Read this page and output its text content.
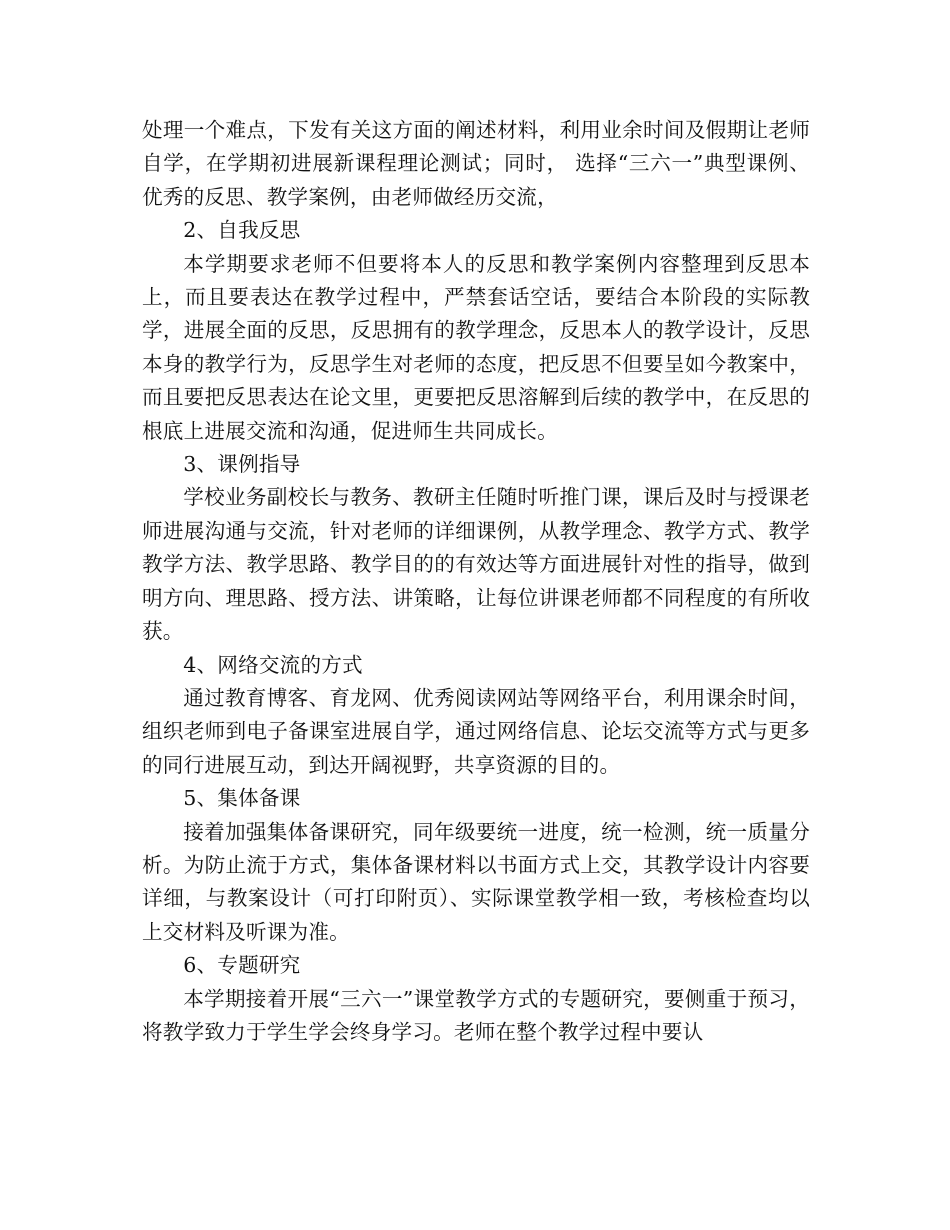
处理一个难点，下发有关这方面的阐述材料，利用业余时间及假期让老师自学，在学期初进展新课程理论测试；同时， 选择“三六一”典型课例、优秀的反思、教学案例，由老师做经历交流，

2、自我反思

本学期要求老师不但要将本人的反思和教学案例内容整理到反思本上，而且要表达在教学过程中，严禁套话空话，要结合本阶段的实际教学，进展全面的反思，反思拥有的教学理念，反思本人的教学设计，反思本身的教学行为，反思学生对老师的态度，把反思不但要呈如今教案中，而且要把反思表达在论文里，更要把反思溶解到后续的教学中，在反思的根底上进展交流和沟通，促进师生共同成长。

3、课例指导

学校业务副校长与教务、教研主任随时听推门课，课后及时与授课老师进展沟通与交流，针对老师的详细课例，从教学理念、教学方式、教学教学方法、教学思路、教学目的的有效达等方面进展针对性的指导，做到明方向、理思路、授方法、讲策略，让每位讲课老师都不同程度的有所收获。

4、网络交流的方式

通过教育博客、育龙网、优秀阅读网站等网络平台，利用课余时间，组织老师到电子备课室进展自学，通过网络信息、论坛交流等方式与更多的同行进展互动，到达开阔视野，共享资源的目的。

5、集体备课

接着加强集体备课研究，同年级要统一进度，统一检测，统一质量分析。为防止流于方式，集体备课材料以书面方式上交，其教学设计内容要详细，与教案设计（可打印附页）、实际课堂教学相一致，考核检查均以上交材料及听课为准。

6、专题研究

本学期接着开展“三六一”课堂教学方式的专题研究，要侧重于预习，将教学致力于学生学会终身学习。老师在整个教学过程中要认
